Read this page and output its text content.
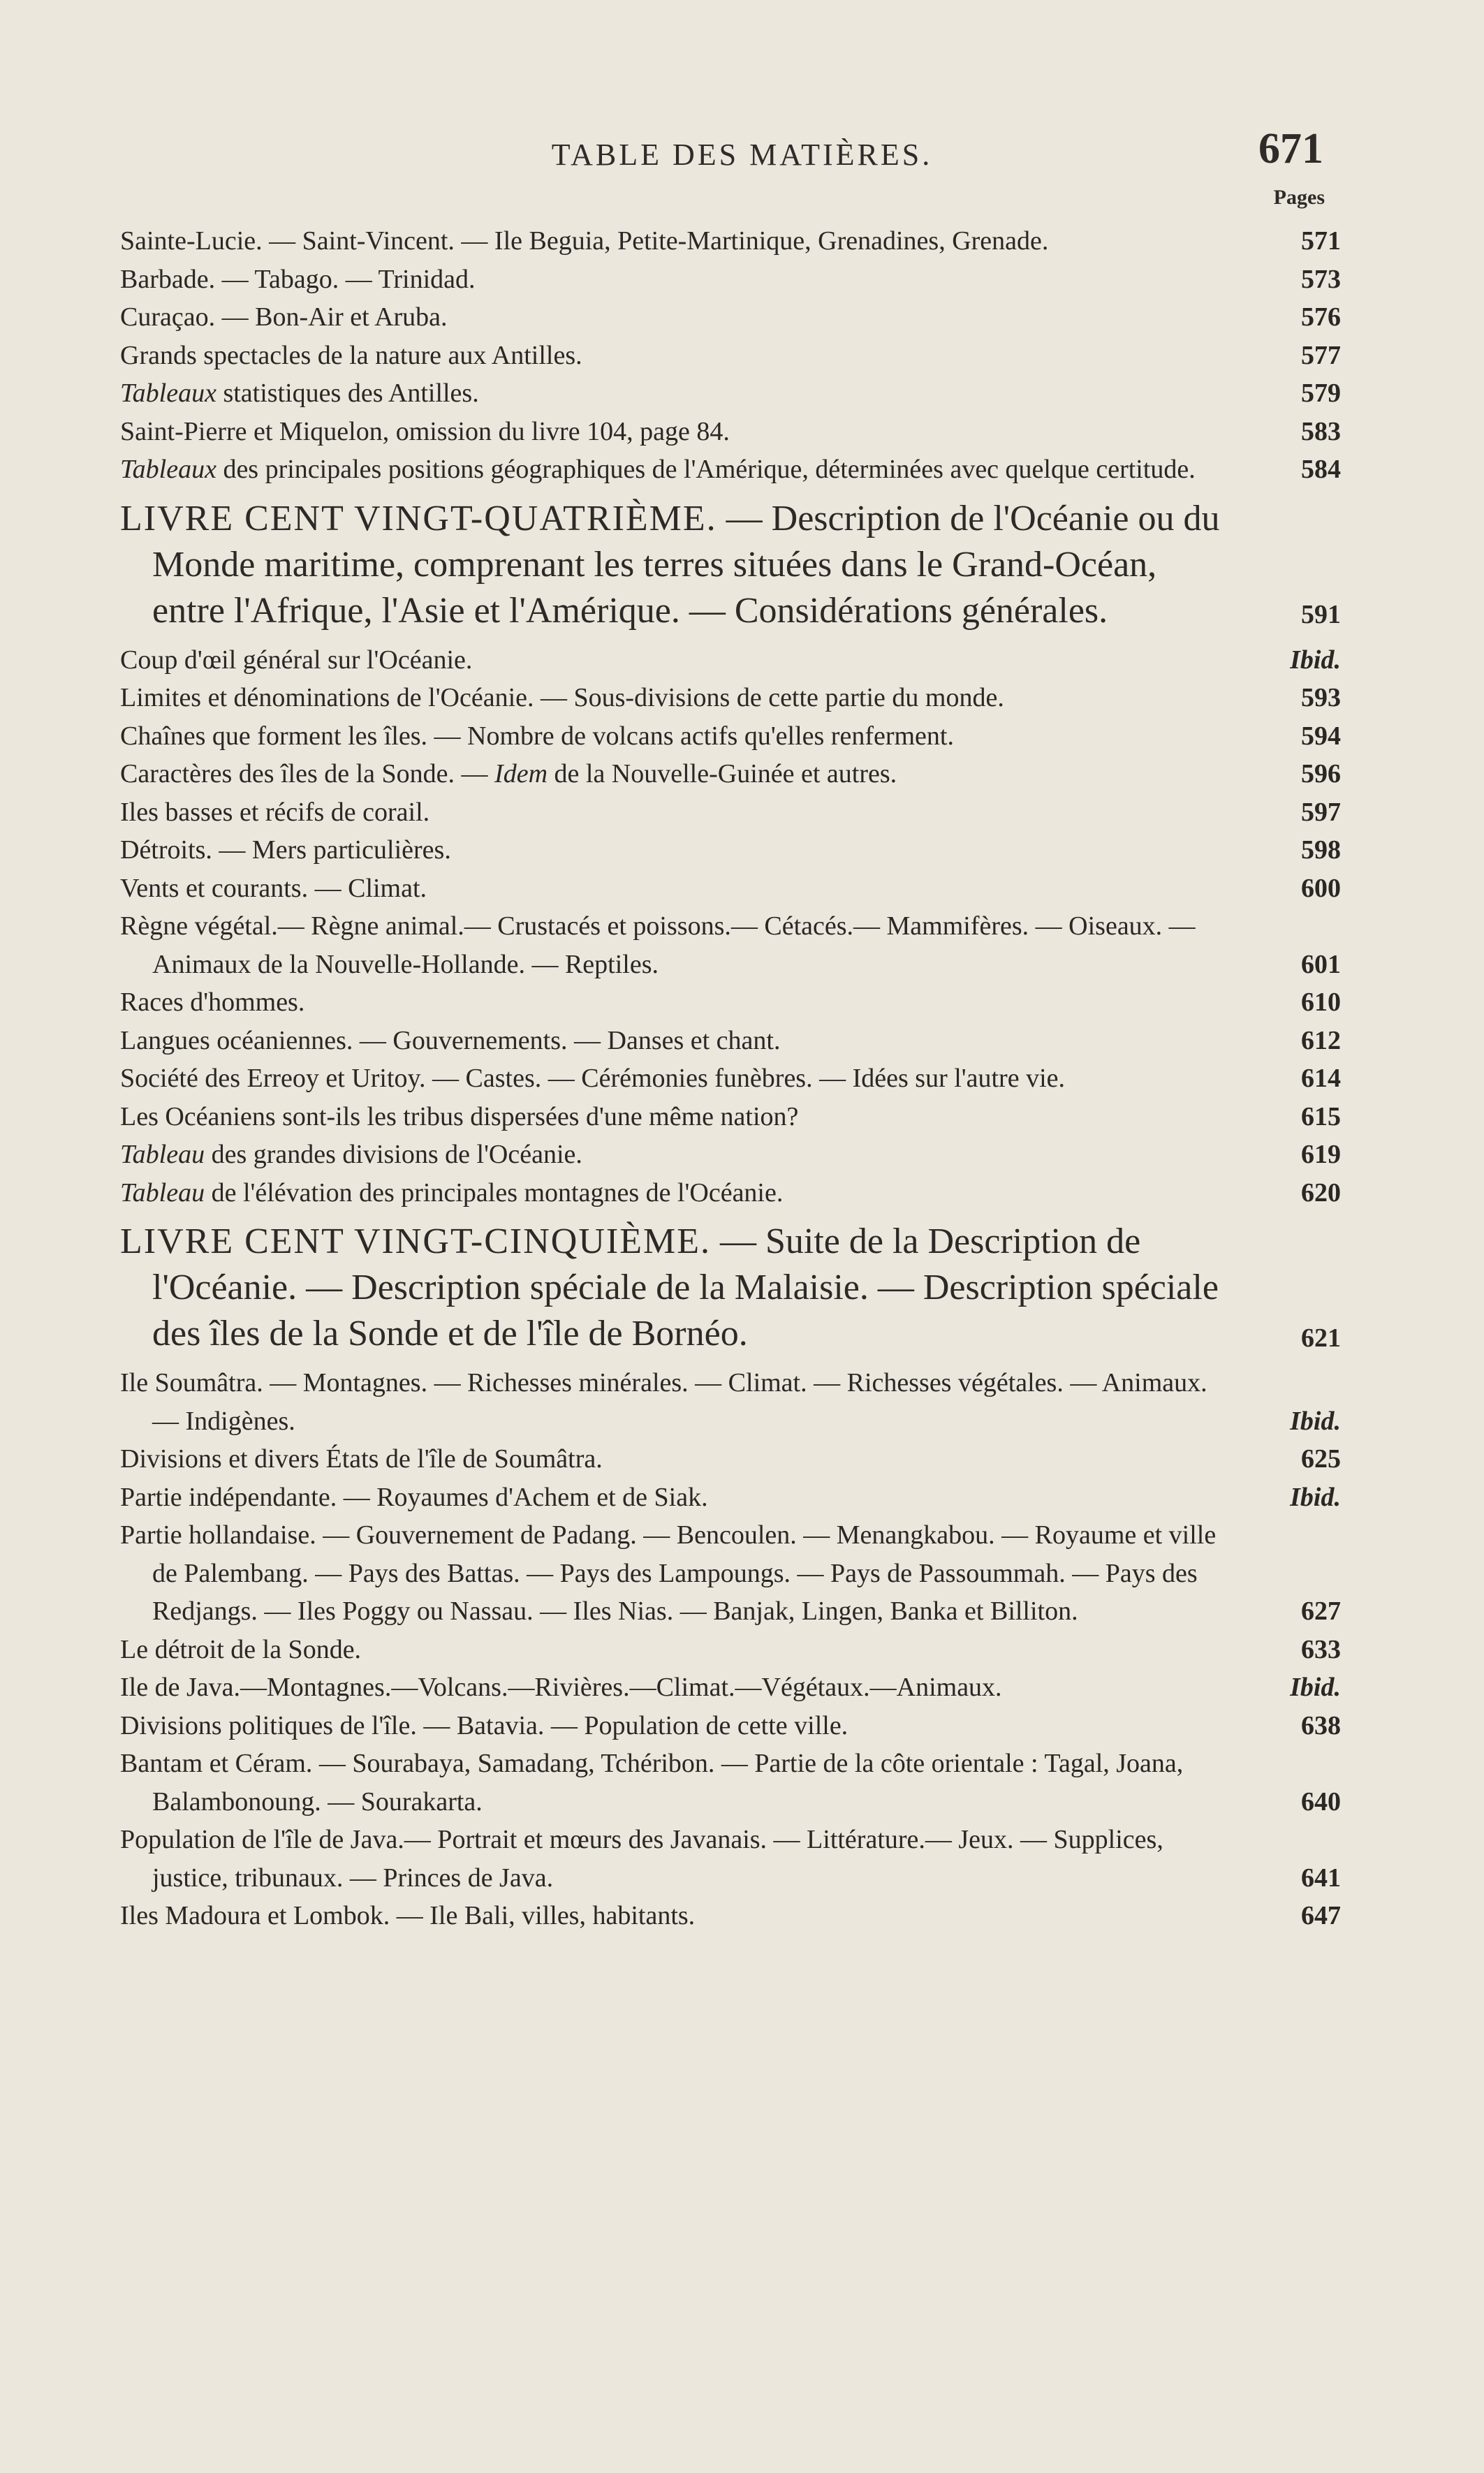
TABLE DES MATIÈRES.	671
Pages
Sainte-Lucie. — Saint-Vincent. — Ile Beguia, Petite-Martinique, Grenadines, Grenade.	571
Barbade. — Tabago. — Trinidad.	573
Curaçao. — Bon-Air et Aruba.	576
Grands spectacles de la nature aux Antilles.	577
Tableaux statistiques des Antilles.	579
Saint-Pierre et Miquelon, omission du livre 104, page 84.	583
Tableaux des principales positions géographiques de l'Amérique, déterminées avec quelque certitude.	584
LIVRE CENT VINGT-QUATRIÈME. — Description de l'Océanie ou du Monde maritime, comprenant les terres situées dans le Grand-Océan, entre l'Afrique, l'Asie et l'Amérique. — Considérations générales.	591
Coup d'œil général sur l'Océanie.	Ibid.
Limites et dénominations de l'Océanie. — Sous-divisions de cette partie du monde.	593
Chaînes que forment les îles. — Nombre de volcans actifs qu'elles renferment.	594
Caractères des îles de la Sonde. — Idem de la Nouvelle-Guinée et autres.	596
Iles basses et récifs de corail.	597
Détroits. — Mers particulières.	598
Vents et courants. — Climat.	600
Règne végétal.— Règne animal.— Crustacés et poissons.— Cétacés.— Mammifères. — Oiseaux. — Animaux de la Nouvelle-Hollande. — Reptiles.	601
Races d'hommes.	610
Langues océaniennes. — Gouvernements. — Danses et chant.	612
Société des Erreoy et Uritoy. — Castes. — Cérémonies funèbres. — Idées sur l'autre vie.	614
Les Océaniens sont-ils les tribus dispersées d'une même nation?	615
Tableau des grandes divisions de l'Océanie.	619
Tableau de l'élévation des principales montagnes de l'Océanie.	620
LIVRE CENT VINGT-CINQUIÈME. — Suite de la Description de l'Océanie. — Description spéciale de la Malaisie. — Description spéciale des îles de la Sonde et de l'île de Bornéo.	621
Ile Soumâtra. — Montagnes. — Richesses minérales. — Climat. — Richesses végétales. — Animaux. — Indigènes.	Ibid.
Divisions et divers États de l'île de Soumâtra.	625
Partie indépendante. — Royaumes d'Achem et de Siak.	Ibid.
Partie hollandaise. — Gouvernement de Padang. — Bencoulen. — Menangkabou. — Royaume et ville de Palembang. — Pays des Battas. — Pays des Lampoungs. — Pays de Passoummah. — Pays des Redjangs. — Iles Poggy ou Nassau. — Iles Nias. — Banjak, Lingen, Banka et Billiton.	627
Le détroit de la Sonde.	633
Ile de Java.—Montagnes.—Volcans.—Rivières.—Climat.—Végétaux.—Animaux.	Ibid.
Divisions politiques de l'île. — Batavia. — Population de cette ville.	638
Bantam et Céram. — Sourabaya, Samadang, Tchéribon. — Partie de la côte orientale : Tagal, Joana, Balambonoung. — Sourakarta.	640
Population de l'île de Java.— Portrait et mœurs des Javanais. — Littérature.— Jeux. — Supplices, justice, tribunaux. — Princes de Java.	641
Iles Madoura et Lombok. — Ile Bali, villes, habitants.	647
